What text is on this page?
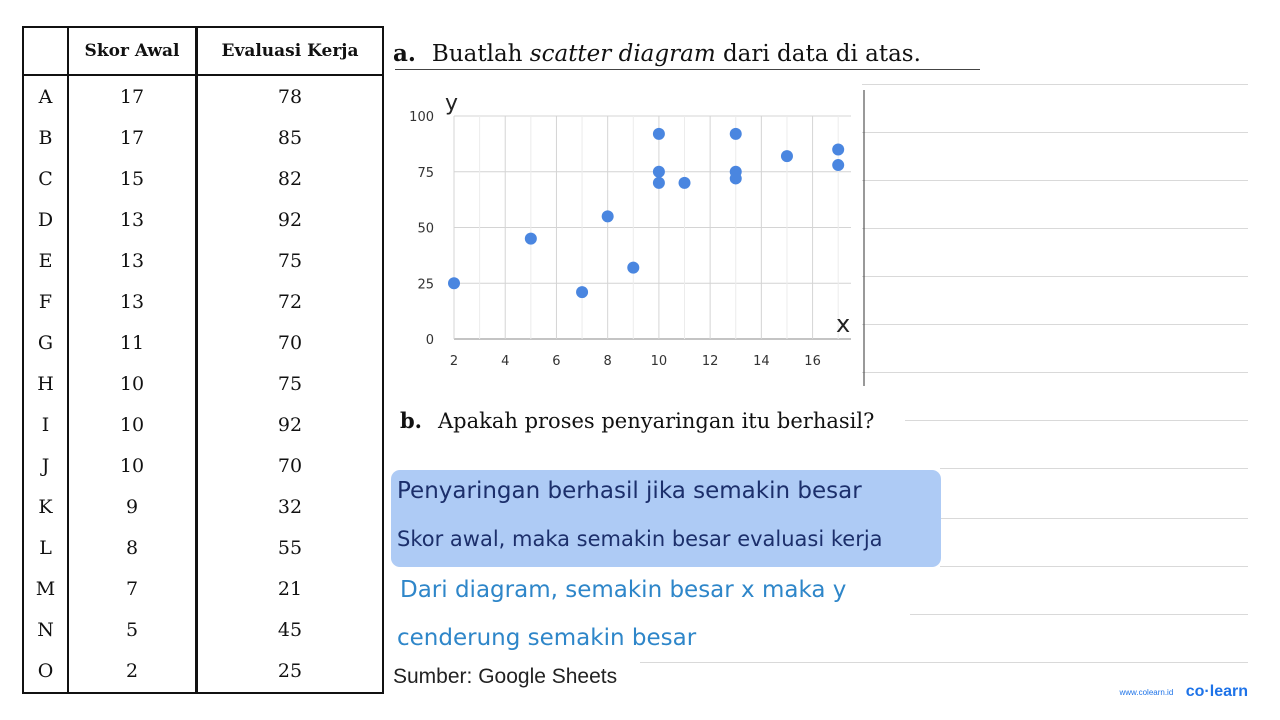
	Skor Awal	Evaluasi Kerja
A	17	78
B	17	85
C	15	82
D	13	92
E	13	75
F	13	72
G	11	70
H	10	75
I	10	92
J	10	70
K	9	32
L	8	55
M	7	21
N	5	45
O	2	25
a. Buatlah scatter diagram dari data di atas.
0
25
50
75
100
2	4	6	8	10	12	14	16
y
x
b. Apakah proses penyaringan itu berhasil?
Penyaringan berhasil jika semakin besar
Skor awal, maka semakin besar evaluasi kerja
Dari diagram, semakin besar x maka y
cenderung semakin besar
Sumber: Google Sheets
www.colearn.id co·learn
